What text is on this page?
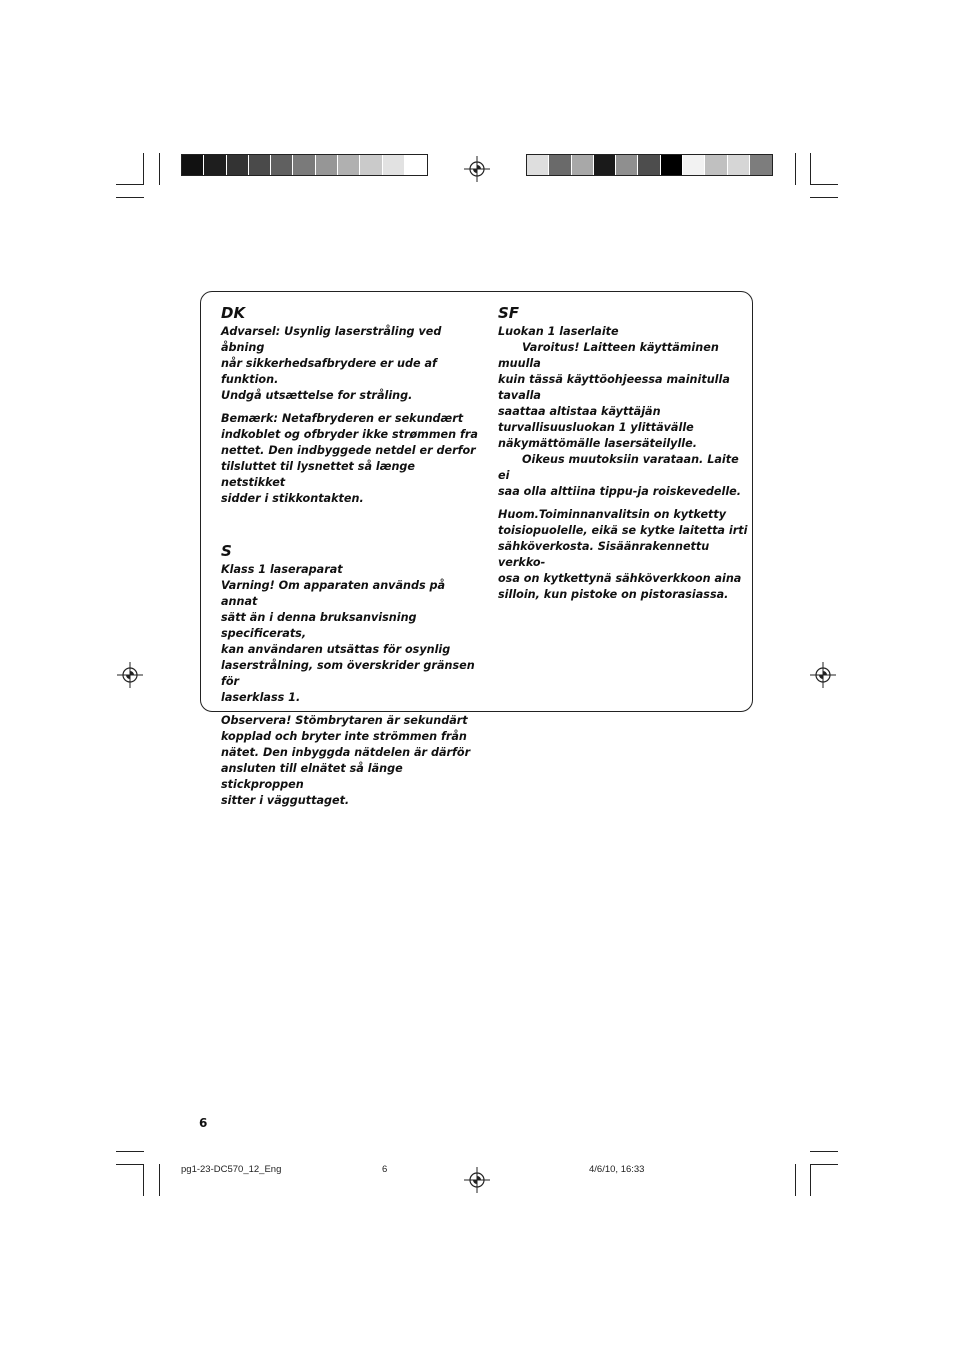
DK

Advarsel: Usynlig laserstråling ved åbning
når sikkerhedsafbrydere er ude af funktion.
Undgå utsættelse for stråling.

Bemærk: Netafbryderen er sekundært
indkoblet og ofbryder ikke strømmen fra
nettet. Den indbyggede netdel er derfor
tilsluttet til lysnettet så længe netstikket
sidder i stikkontakten.

S

Klass 1 laseraparat

Varning! Om apparaten används på annat
sätt än i denna bruksanvisning specificerats,
kan användaren utsättas för osynlig
laserstrålning, som överskrider gränsen för
laserklass 1.

Observera! Stömbrytaren är sekundärt
kopplad och bryter inte strömmen från
nätet. Den inbyggda nätdelen är därför
ansluten till elnätet så länge stickproppen
sitter i vägguttaget.

SF

Luokan 1 laserlaite

Varoitus! Laitteen käyttäminen muulla
kuin tässä käyttöohjeessa mainitulla tavalla
saattaa altistaa käyttäjän
turvallisuusluokan 1 ylittävälle
näkymättömälle lasersäteilylle.

Oikeus muutoksiin varataan. Laite ei
saa olla alttiina tippu-ja roiskevedelle.

Huom.Toiminnanvalitsin on kytketty
toisiopuolelle, eikä se kytke laitetta irti
sähköverkosta. Sisäänrakennettu verkko-
osa on kytkettynä sähköverkkoon aina
silloin, kun pistoke on pistorasiassa.

6
pg1-23-DC570_12_Eng	6	4/6/10, 16:33
